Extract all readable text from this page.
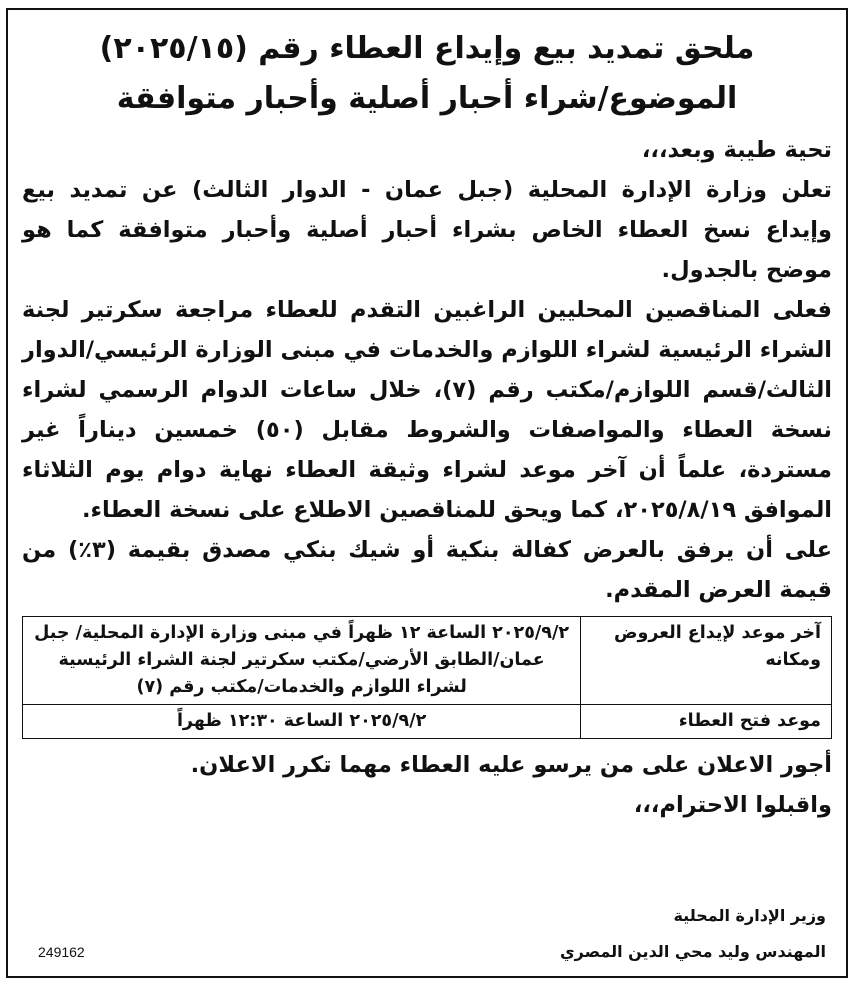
ملحق تمديد بيع وإيداع العطاء رقم (٢٠٢٥/١٥)

الموضوع/شراء أحبار أصلية وأحبار متوافقة

تحية طيبة وبعد،،،

تعلن وزارة الإدارة المحلية (جبل عمان - الدوار الثالث) عن تمديد بيع وإيداع نسخ العطاء الخاص بشراء أحبار أصلية وأحبار متوافقة كما هو موضح بالجدول.

فعلى المناقصين المحليين الراغبين التقدم للعطاء مراجعة سكرتير لجنة الشراء الرئيسية لشراء اللوازم والخدمات في مبنى الوزارة الرئيسي/الدوار الثالث/قسم اللوازم/مكتب رقم (٧)، خلال ساعات الدوام الرسمي لشراء نسخة العطاء والمواصفات والشروط مقابل (٥٠) خمسين ديناراً غير مستردة، علماً أن آخر موعد لشراء وثيقة العطاء نهاية دوام يوم الثلاثاء الموافق ٢٠٢٥/٨/١٩، كما ويحق للمناقصين الاطلاع على نسخة العطاء.

على أن يرفق بالعرض كفالة بنكية أو شيك بنكي مصدق بقيمة (٣٪) من قيمة العرض المقدم.

آخر موعد لإيداع العروض ومكانه	٢٠٢٥/٩/٢ الساعة ١٢ ظهراً في مبنى وزارة الإدارة المحلية/ جبل عمان/الطابق الأرضي/مكتب سكرتير لجنة الشراء الرئيسية لشراء اللوازم والخدمات/مكتب رقم (٧)
موعد فتح العطاء	٢٠٢٥/٩/٢ الساعة ١٢:٣٠ ظهراً

أجور الاعلان على من يرسو عليه العطاء مهما تكرر الاعلان.

واقبلوا الاحترام،،،

وزير الإدارة المحلية
المهندس وليد محي الدين المصري
249162
